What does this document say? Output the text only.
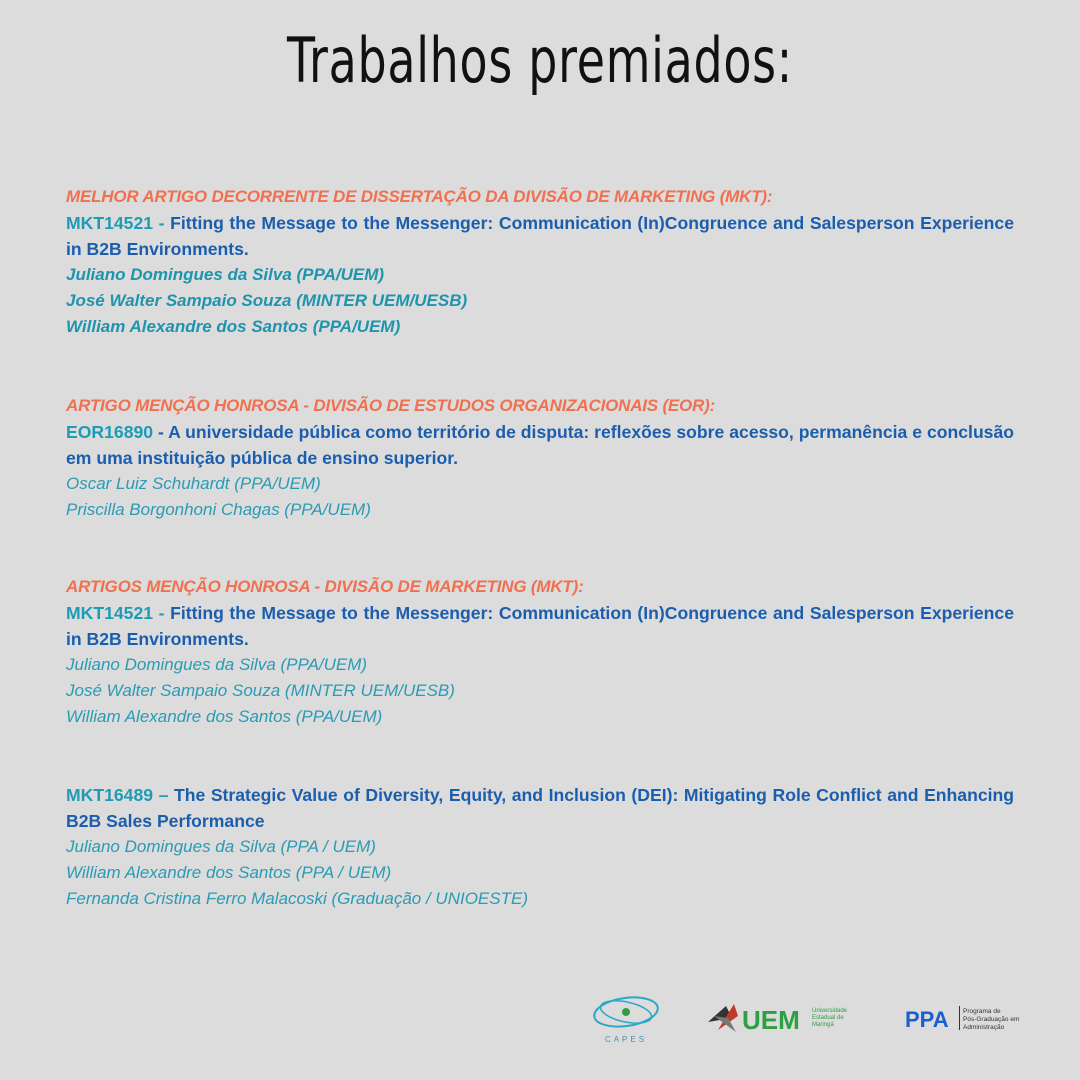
Trabalhos premiados:
MELHOR ARTIGO DECORRENTE DE DISSERTAÇÃO DA DIVISÃO DE MARKETING (MKT):
MKT14521 - Fitting the Message to the Messenger: Communication (In)Congruence and Salesperson Experience in B2B Environments.
Juliano Domingues da Silva (PPA/UEM)
José Walter Sampaio Souza (MINTER UEM/UESB)
William Alexandre dos Santos (PPA/UEM)
ARTIGO MENÇÃO HONROSA - DIVISÃO DE ESTUDOS ORGANIZACIONAIS (EOR):
EOR16890 - A universidade pública como território de disputa: reflexões sobre acesso, permanência e conclusão em uma instituição pública de ensino superior.
Oscar Luiz Schuhardt (PPA/UEM)
Priscilla Borgonhoni Chagas (PPA/UEM)
ARTIGOS MENÇÃO HONROSA - DIVISÃO DE MARKETING (MKT):
MKT14521 - Fitting the Message to the Messenger: Communication (In)Congruence and Salesperson Experience in B2B Environments.
Juliano Domingues da Silva (PPA/UEM)
José Walter Sampaio Souza (MINTER UEM/UESB)
William Alexandre dos Santos (PPA/UEM)
MKT16489 – The Strategic Value of Diversity, Equity, and Inclusion (DEI): Mitigating Role Conflict and Enhancing B2B Sales Performance
Juliano Domingues da Silva (PPA / UEM)
William Alexandre dos Santos (PPA / UEM)
Fernanda Cristina Ferro Malacoski (Graduação / UNIOESTE)
CAPES
UEM Universidade
Estadual de
Maringá	PPA Programa de
Pós-Graduação em
Administração
